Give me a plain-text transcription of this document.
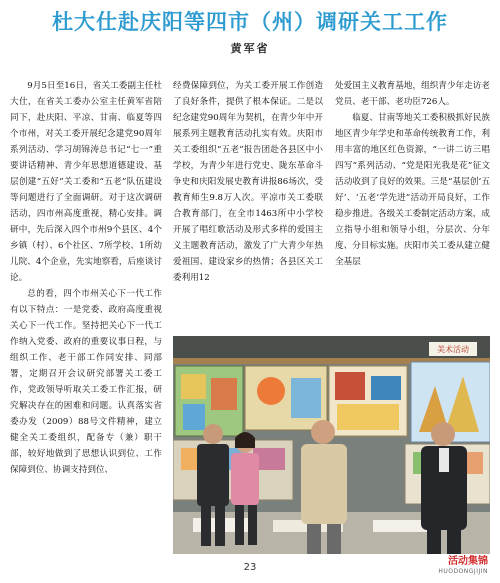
杜大仕赴庆阳等四市（州）调研关工工作
黄军省

9月5日至16日，省关工委副主任杜大仕，在省关工委办公室主任黄军省陪同下，赴庆阳、平凉、甘南、临夏等四个市州，对关工委开展纪念建党90周年系列活动、学习胡锦涛总书记“七一”重要讲话精神、青少年思想道德建设、基层创建“五好”关工委和“五老”队伍建设等问题进行了全面调研。对于这次调研活动，四市州高度重视，精心安排。调研中，先后深入四个市州9个县区、4个乡镇（村）、6个社区、7所学校、1所幼儿院、4个企业，先实地察看，后座谈讨论。

总的看，四个市州关心下一代工作有以下特点：一是党委、政府高度重视关心下一代工作。坚持把关心下一代工作纳入党委、政府的重要议事日程，与组织工作、老干部工作同安排、同部署，定期召开会议研究部署关工委工作，党政领导听取关工委工作汇报，研究解决存在的困难和问题。认真落实省委办发（2009）88号文件精神，建立健全关工委组织，配备专（兼）职干部，较好地做到了思想认识到位、工作保障到位、协调支持到位、

经费保障到位，为关工委开展工作创造了良好条件，提供了根本保证。二是以纪念建党90周年为契机，在青少年中开展系列主题教育活动扎实有效。庆阳市关工委组织“五老”报告团赴各县区中小学校，为青少年进行党史、陇东革命斗争史和庆阳发展史教育讲报86场次，受教育师生9.8万人次。平凉市关工委联合教育部门，在全市1463所中小学校开展了唱红歌活动及形式多样的爱国主义主题教育活动，激发了广大青少年热爱祖国、建设家乡的热情；各县区关工委利用12

处爱国主义教育基地，组织青少年走访老党员、老干部、老功臣726人。

临夏、甘南等地关工委积极抓好民族地区青少年学史和革命传统教育工作，利用丰富的地区红色资源，“一讲二访三唱四写”系列活动、“党是阳光我是花”征文活动收到了良好的效果。三是“基层创‘五好’、‘五老’学先进”活动开局良好，工作稳步推进。各级关工委制定活动方案，成立指导小组和领导小组，分层次、分年度、分目标实施。庆阳市关工委从建立健全基层

美术活动
23
活动集锦
HUODONGJIJIN
